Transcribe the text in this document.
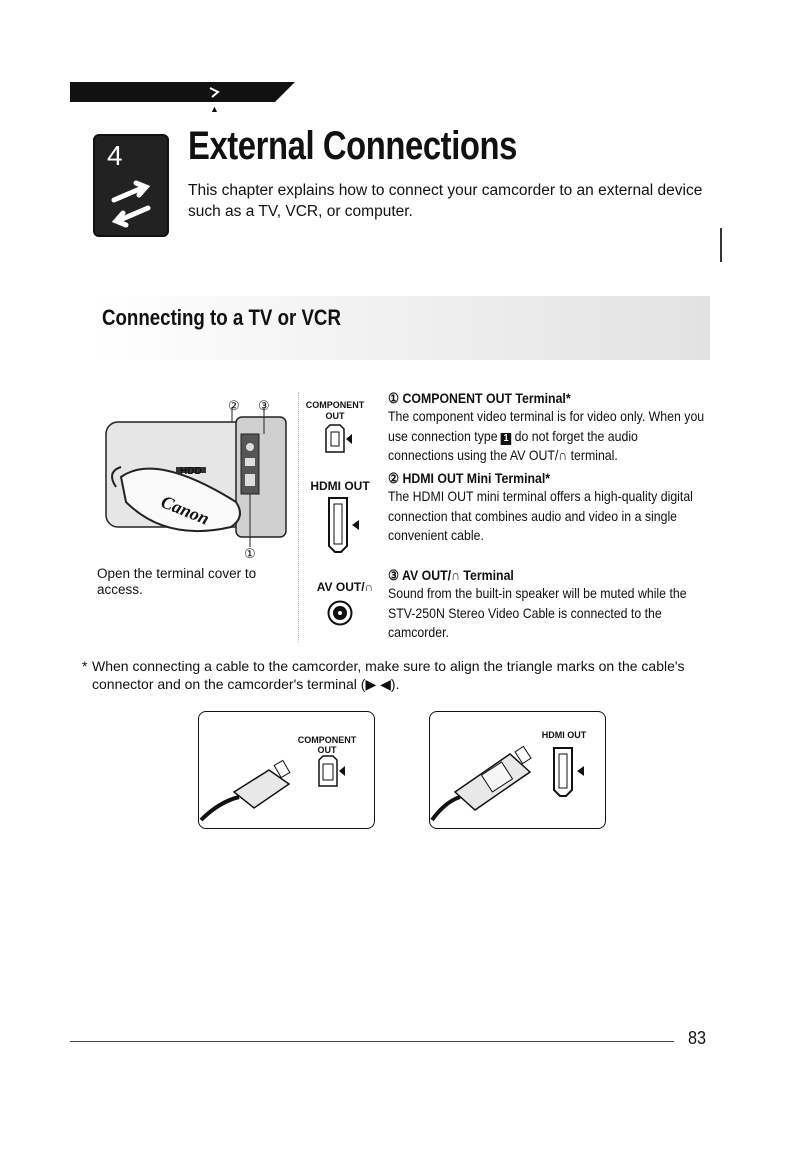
▲
4 External Connections
This chapter explains how to connect your camcorder to an external device such as a TV, VCR, or computer.
Connecting to a TV or VCR
② ③
①
HDD
Canon
Open the terminal cover to access.
COMPONENT
OUT
HDMI OUT
AV OUT/∩
① COMPONENT OUT Terminal*
The component video terminal is for video only. When you use connection type 1 do not forget the audio connections using the AV OUT/∩ terminal.
② HDMI OUT Mini Terminal*
The HDMI OUT mini terminal offers a high-quality digital connection that combines audio and video in a single convenient cable.
③ AV OUT/∩ Terminal
Sound from the built-in speaker will be muted while the STV-250N Stereo Video Cable is connected to the camcorder.
* When connecting a cable to the camcorder, make sure to align the triangle marks on the cable's connector and on the camcorder's terminal (▶ ◀).
COMPONENT
OUT
HDMI OUT
83
